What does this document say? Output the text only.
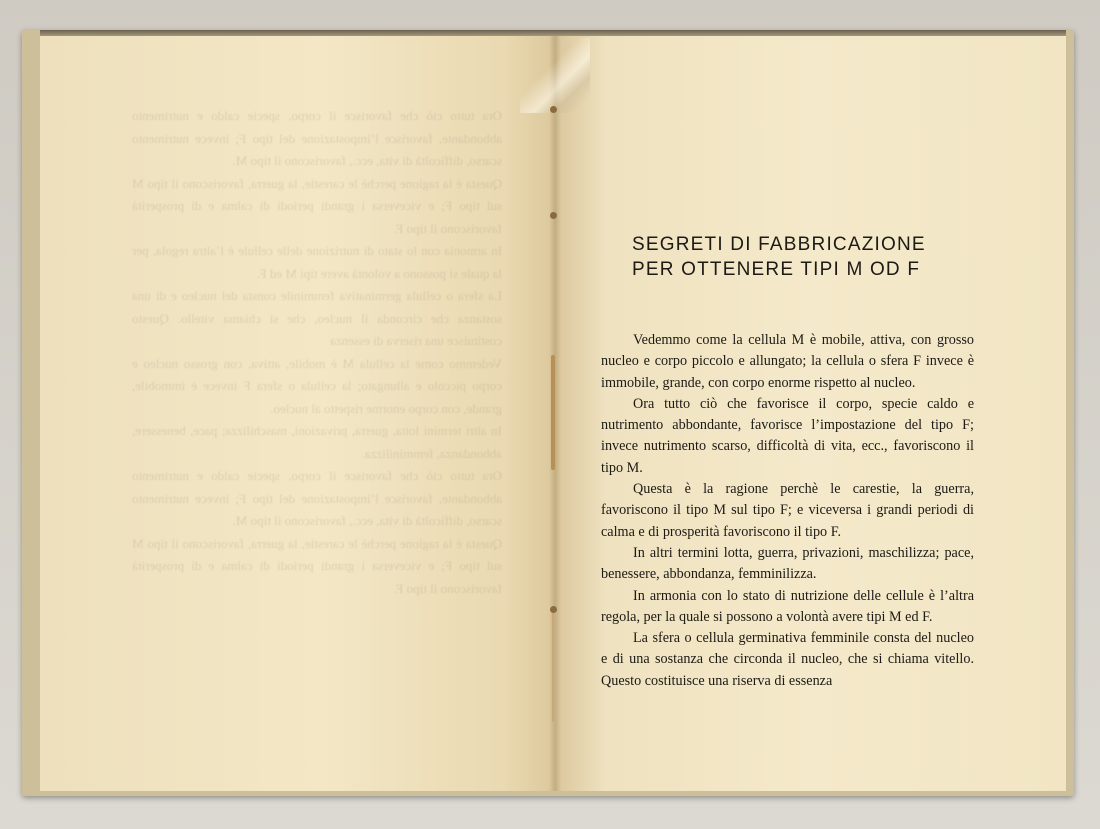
Ora tutto ciò che favorisce il corpo, specie caldo e nutrimento abbondante, favorisce l’impostazione del tipo F; invece nutrimento scarso, difficoltà di vita, ecc., favoriscono il tipo M.

Questa è la ragione perchè le carestie, la guerra, favoriscono il tipo M sul tipo F; e viceversa i grandi periodi di calma e di prosperità favoriscono il tipo F.

In armonia con lo stato di nutrizione delle cellule è l’altra regola, per la quale si possono a volontà avere tipi M ed F.

La sfera o cellula germinativa femminile consta del nucleo e di una sostanza che circonda il nucleo, che si chiama vitello. Questo costituisce una riserva di essenza

Vedemmo come la cellula M è mobile, attiva, con grosso nucleo e corpo piccolo e allungato; la cellula o sfera F invece è immobile, grande, con corpo enorme rispetto al nucleo.

In altri termini lotta, guerra, privazioni, maschilizza; pace, benessere, abbondanza, femminilizza.

Ora tutto ciò che favorisce il corpo, specie caldo e nutrimento abbondante, favorisce l’impostazione del tipo F; invece nutrimento scarso, difficoltà di vita, ecc., favoriscono il tipo M.

Questa è la ragione perchè le carestie, la guerra, favoriscono il tipo M sul tipo F; e viceversa i grandi periodi di calma e di prosperità favoriscono il tipo F.

SEGRETI DI FABBRICAZIONE
PER OTTENERE TIPI M OD F

Vedemmo come la cellula M è mobile, attiva, con grosso nucleo e corpo piccolo e allungato; la cellula o sfera F invece è immobile, grande, con corpo enorme rispetto al nucleo.

Ora tutto ciò che favorisce il corpo, specie caldo e nutrimento abbondante, favorisce l’impostazione del tipo F; invece nutrimento scarso, difficoltà di vita, ecc., favoriscono il tipo M.

Questa è la ragione perchè le carestie, la guerra, favoriscono il tipo M sul tipo F; e viceversa i grandi periodi di calma e di prosperità favoriscono il tipo F.

In altri termini lotta, guerra, privazioni, maschilizza; pace, benessere, abbondanza, femminilizza.

In armonia con lo stato di nutrizione delle cellule è l’altra regola, per la quale si possono a volontà avere tipi M ed F.

La sfera o cellula germinativa femminile consta del nucleo e di una sostanza che circonda il nucleo, che si chiama vitello. Questo costituisce una riserva di essenza
